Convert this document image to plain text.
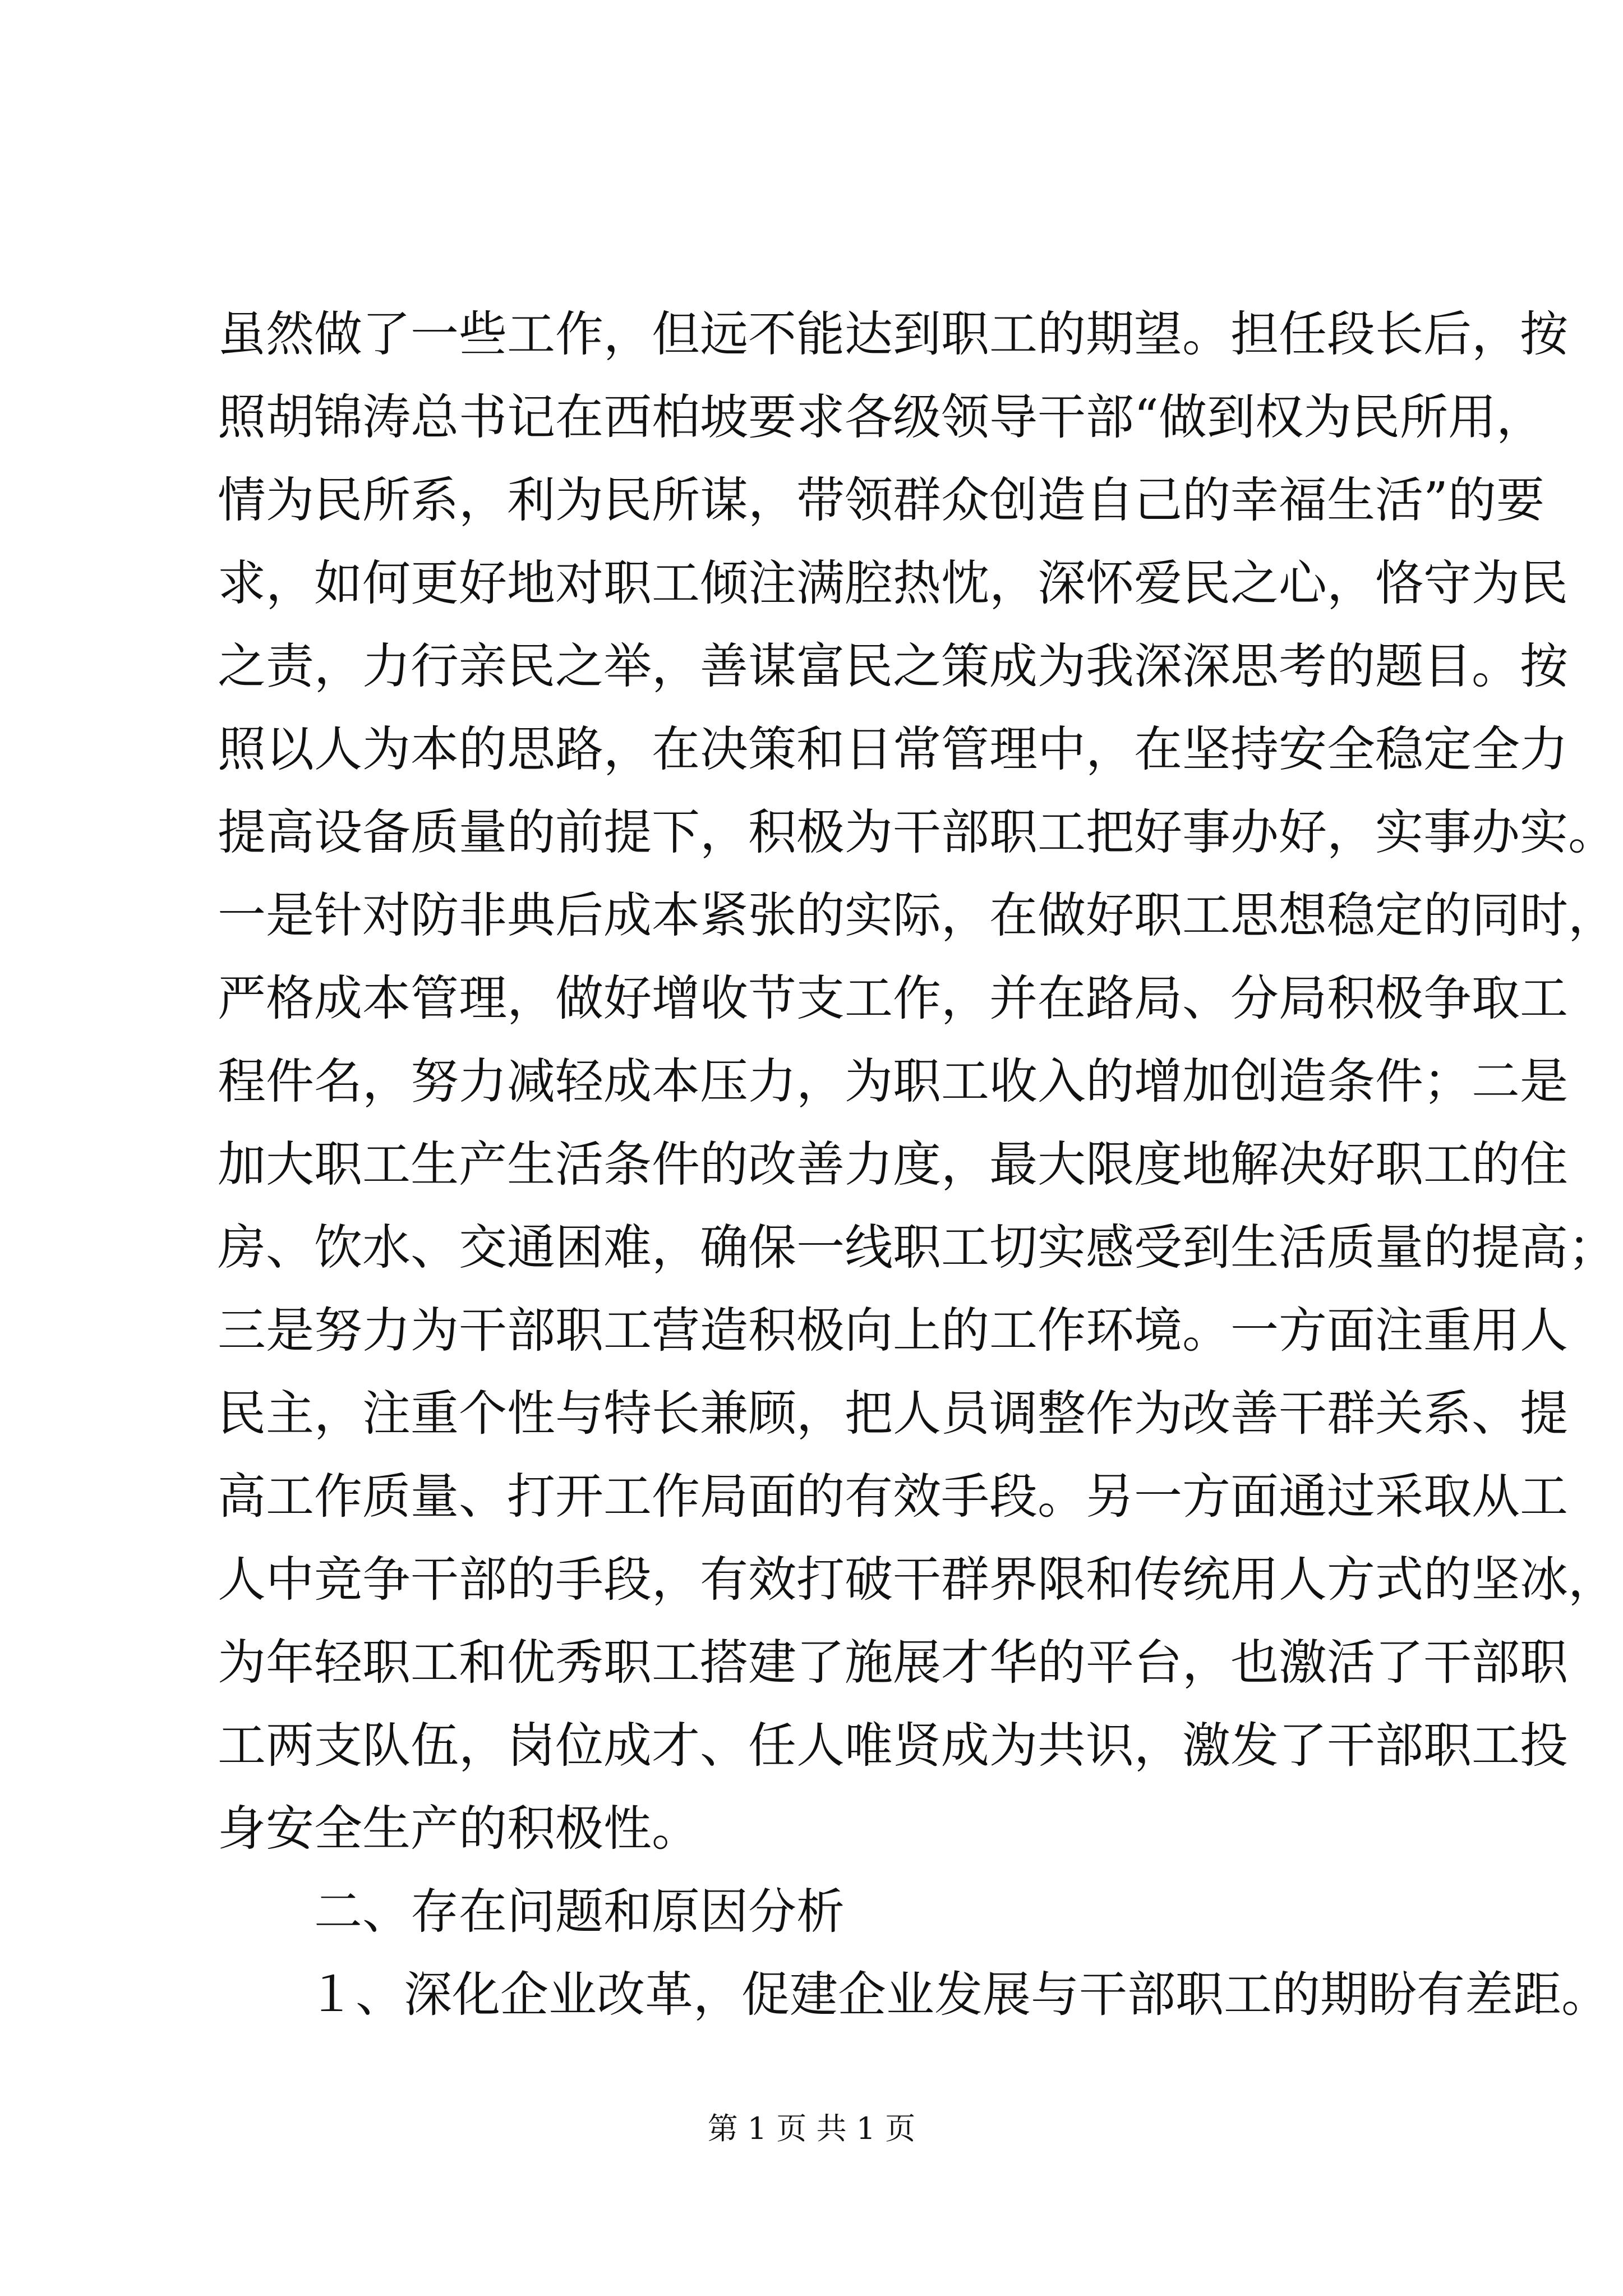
虽然做了一些工作，但远不能达到职工的期望。担任段长后，按
照胡锦涛总书记在西柏坡要求各级领导干部“做到权为民所用，
情为民所系，利为民所谋，带领群众创造自己的幸福生活”的要
求，如何更好地对职工倾注满腔热忱，深怀爱民之心，恪守为民
之责，力行亲民之举，善谋富民之策成为我深深思考的题目。按
照以人为本的思路，在决策和日常管理中，在坚持安全稳定全力
提高设备质量的前提下，积极为干部职工把好事办好，实事办实。
一是针对防非典后成本紧张的实际，在做好职工思想稳定的同时，
严格成本管理，做好增收节支工作，并在路局、分局积极争取工
程件名，努力减轻成本压力，为职工收入的增加创造条件；二是
加大职工生产生活条件的改善力度，最大限度地解决好职工的住
房、饮水、交通困难，确保一线职工切实感受到生活质量的提高；
三是努力为干部职工营造积极向上的工作环境。一方面注重用人
民主，注重个性与特长兼顾，把人员调整作为改善干群关系、提
高工作质量、打开工作局面的有效手段。另一方面通过采取从工
人中竞争干部的手段，有效打破干群界限和传统用人方式的坚冰，
为年轻职工和优秀职工搭建了施展才华的平台，也激活了干部职
工两支队伍，岗位成才、任人唯贤成为共识，激发了干部职工投
身安全生产的积极性。
二、存在问题和原因分析
１、深化企业改革，促建企业发展与干部职工的期盼有差距。
第 1 页 共 1 页
